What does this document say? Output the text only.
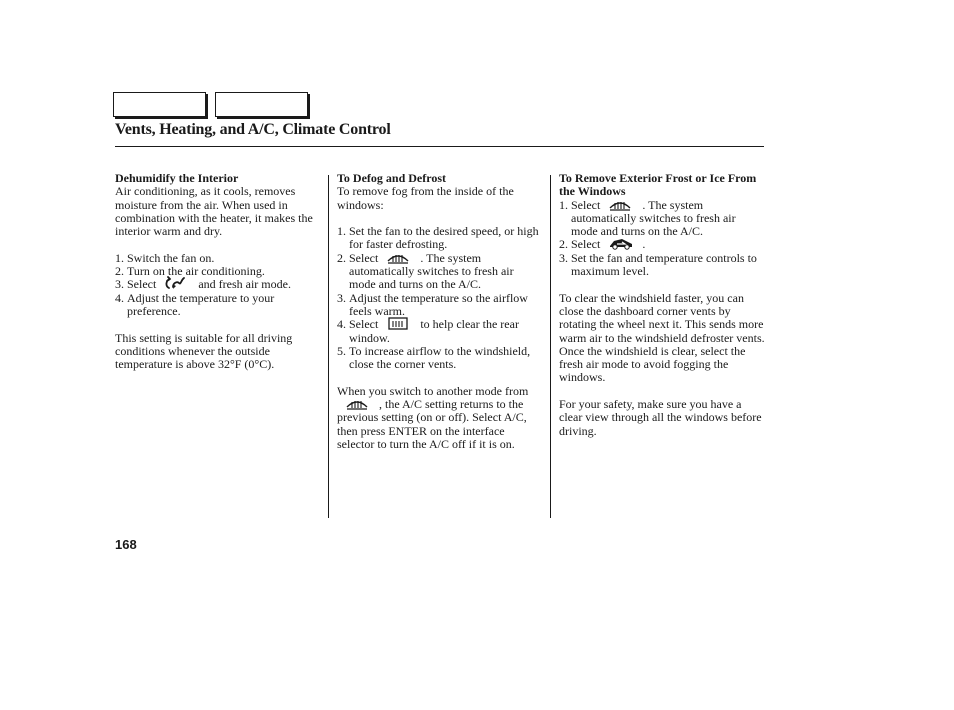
Vents, Heating, and A/C, Climate Control
Dehumidify the Interior

Air conditioning, as it cools, removes moisture from the air. When used in combination with the heater, it makes the interior warm and dry.

1. Switch the fan on.
2. Turn on the air conditioning.
3. Select	and fresh air mode.
4. Adjust the temperature to your preference.

This setting is suitable for all driving conditions whenever the outside temperature is above 32°F (0°C).

To Defog and Defrost

To remove fog from the inside of the windows:

1. Set the fan to the desired speed, or high for faster defrosting.
2. Select	. The system automatically switches to fresh air mode and turns on the A/C.
3. Adjust the temperature so the airflow feels warm.
4. Select	to help clear the rear window.
5. To increase airflow to the windshield, close the corner vents.

When you switch to another mode from
, the A/C setting returns to the previous setting (on or off). Select A/C, then press ENTER on the interface selector to turn the A/C off if it is on.

To Remove Exterior Frost or Ice From the Windows
1. Select	. The system automatically switches to fresh air mode and turns on the A/C.
2. Select	.
3. Set the fan and temperature controls to maximum level.

To clear the windshield faster, you can close the dashboard corner vents by rotating the wheel next it. This sends more warm air to the windshield defroster vents. Once the windshield is clear, select the fresh air mode to avoid fogging the windows.

For your safety, make sure you have a clear view through all the windows before driving.

168
